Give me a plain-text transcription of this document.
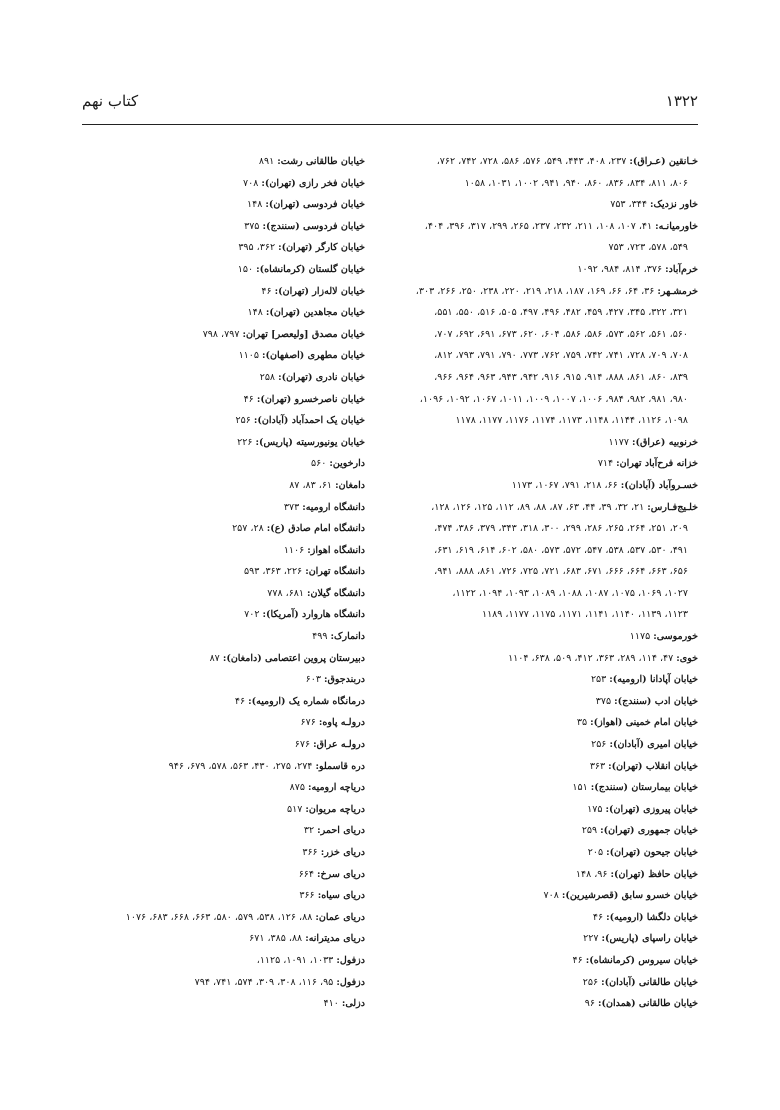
۱۳۲۲
کتاب نهم
خـانقین (عـراق): ۲۳۷، ۴۰۸، ۴۴۳، ۵۴۹، ۵۷۶، ۵۸۶، ۷۲۸، ۷۴۲، ۷۶۲،
۸۰۶، ۸۱۱، ۸۳۴، ۸۳۶، ۸۶۰، ۹۴۰، ۹۴۱، ۱۰۰۲، ۱۰۳۱، ۱۰۵۸
خاور نزدیک: ۳۴۴، ۷۵۳
خاورمیانـه: ۴۱، ۱۰۷، ۱۰۸، ۲۱۱، ۲۳۲، ۲۳۷، ۲۶۵، ۲۹۹، ۳۱۷، ۳۹۶، ۴۰۴،
۵۴۹، ۵۷۸، ۷۲۳، ۷۵۳
خرم‌آباد: ۳۷۶، ۸۱۴، ۹۸۴، ۱۰۹۲
خرمشـهر: ۳۶، ۶۴، ۶۶، ۱۶۹، ۱۸۷، ۲۱۸، ۲۱۹، ۲۲۰، ۲۳۸، ۲۵۰، ۲۶۶، ۳۰۳،
۳۲۱، ۳۲۲، ۳۴۵، ۴۲۷، ۴۵۹، ۴۸۲، ۴۹۶، ۴۹۷، ۵۰۵، ۵۱۶، ۵۵۰، ۵۵۱،
۵۶۰، ۵۶۱، ۵۶۲، ۵۷۳، ۵۸۶، ۵۸۶، ۶۰۴، ۶۲۰، ۶۷۳، ۶۹۱، ۶۹۲، ۷۰۷،
۷۰۸، ۷۰۹، ۷۲۸، ۷۴۱، ۷۴۲، ۷۵۹، ۷۶۲، ۷۷۳، ۷۹۰، ۷۹۱، ۷۹۳، ۸۱۲،
۸۳۹، ۸۶۰، ۸۶۱، ۸۸۸، ۹۱۴، ۹۱۵، ۹۱۶، ۹۴۲، ۹۴۳، ۹۶۳، ۹۶۴، ۹۶۶،
۹۸۰، ۹۸۱، ۹۸۲، ۹۸۴، ۱۰۰۶، ۱۰۰۷، ۱۰۰۹، ۱۰۱۱، ۱۰۶۷، ۱۰۹۲، ۱۰۹۶،
۱۰۹۸، ۱۱۲۶، ۱۱۴۴، ۱۱۴۸، ۱۱۷۳، ۱۱۷۴، ۱۱۷۶، ۱۱۷۷، ۱۱۷۸
خرنوبیه (عراق): ۱۱۷۷
خزانه فرح‌آباد تهران: ۷۱۴
خسـروآباد (آبادان): ۶۶، ۲۱۸، ۷۹۱، ۱۰۶۷، ۱۱۷۳
خلـیج‌فـارس: ۲۱، ۳۲، ۳۹، ۴۴، ۶۳، ۸۷، ۸۸، ۸۹، ۱۱۲، ۱۲۵، ۱۲۶، ۱۲۸،
۲۰۹، ۲۵۱، ۲۶۴، ۲۶۵، ۲۸۶، ۲۹۹، ۳۰۰، ۳۱۸، ۳۴۳، ۳۷۹، ۳۸۶، ۴۷۴،
۴۹۱، ۵۳۰، ۵۳۷، ۵۳۸، ۵۴۷، ۵۷۲، ۵۷۳، ۵۸۰، ۶۰۲، ۶۱۴، ۶۱۹، ۶۳۱،
۶۵۶، ۶۶۳، ۶۶۴، ۶۶۶، ۶۷۱، ۶۸۳، ۷۲۱، ۷۲۵، ۷۲۶، ۸۶۱، ۸۸۸، ۹۴۱،
۱۰۲۷، ۱۰۶۹، ۱۰۷۵، ۱۰۸۷، ۱۰۸۸، ۱۰۸۹، ۱۰۹۳، ۱۰۹۴، ۱۱۲۲،
۱۱۲۳، ۱۱۳۹، ۱۱۴۰، ۱۱۴۱، ۱۱۷۱، ۱۱۷۵، ۱۱۷۷، ۱۱۸۹
خورموسی: ۱۱۷۵
خوی: ۴۷، ۱۱۴، ۲۸۹، ۳۶۳، ۴۱۲، ۵۰۹، ۶۳۸، ۱۱۰۴
خیابان آپادانا (ارومیه): ۲۵۳
خیابان ادب (سنندج): ۳۷۵
خیابان امام خمینی (اهواز): ۳۵
خیابان امیری (آبادان): ۲۵۶
خیابان انقلاب (تهران): ۳۶۳
خیابان بیمارستان (سنندج): ۱۵۱
خیابان پیروزی (تهران): ۱۷۵
خیابان جمهوری (تهران): ۲۵۹
خیابان جیحون (تهران): ۲۰۵
خیابان حافظ (تهران): ۹۶، ۱۴۸
خیابان خسرو سابق (قصرشیرین): ۷۰۸
خیابان دلگشا (ارومیه): ۴۶
خیابان راسپای (پاریس): ۲۲۷
خیابان سیروس (کرمانشاه): ۴۶
خیابان طالقانی (آبادان): ۲۵۶
خیابان طالقانی (همدان): ۹۶
خیابان طالقانی رشت: ۸۹۱
خیابان فخر رازی (تهران): ۷۰۸
خیابان فردوسی (تهران): ۱۴۸
خیابان فردوسی (سنندج): ۳۷۵
خیابان کارگر (تهران): ۳۶۲، ۳۹۵
خیابان گلستان (کرمانشاه): ۱۵۰
خیابان لاله‌زار (تهران): ۴۶
خیابان مجاهدین (تهران): ۱۴۸
خیابان مصدق [ولیعصر] تهران: ۷۹۷، ۷۹۸
خیابان مطهری (اصفهان): ۱۱۰۵
خیابان نادری (تهران): ۲۵۸
خیابان ناصرخسرو (تهران): ۴۶
خیابان یک احمدآباد (آبادان): ۲۵۶
خیابان یونیورسیته (پاریس): ۲۲۶
دارخوین: ۵۶۰
دامغان: ۶۱، ۸۳، ۸۷
دانشگاه ارومیه: ۳۷۳
دانشگاه امام صادق (ع): ۲۸، ۲۵۷
دانشگاه اهواز: ۱۱۰۶
دانشگاه تهران: ۲۲۶، ۳۶۳، ۵۹۳
دانشگاه گیلان: ۶۸۱، ۷۷۸
دانشگاه هاروارد (آمریکا): ۷۰۲
دانمارک: ۴۹۹
دبیرستان پروین اعتصامی (دامغان): ۸۷
دربندجوق: ۶۰۳
درمانگاه شماره یک (ارومیه): ۴۶
درولـه پاوه: ۶۷۶
درولـه عراق: ۶۷۶
دره قاسملو: ۲۷۴، ۲۷۵، ۴۳۰، ۵۶۳، ۵۷۸، ۶۷۹، ۹۴۶
دریاچه ارومیه: ۸۷۵
دریاچه مریوان: ۵۱۷
دریای احمر: ۳۲
دریای خزر: ۳۶۶
دریای سرخ: ۶۶۴
دریای سیاه: ۳۶۶
دریای عمان: ۸۸، ۱۲۶، ۵۳۸، ۵۷۹، ۵۸۰، ۶۶۳، ۶۶۸، ۶۸۳، ۱۰۷۶
دریای مدیترانه: ۸۸، ۳۸۵، ۶۷۱
دزفول: ۱۰۳۳، ۱۰۹۱، ۱۱۲۵،
دزفول: ۹۵، ۱۱۶، ۳۰۸، ۳۰۹، ۵۷۴، ۷۴۱، ۷۹۴
دزلی: ۴۱۰
